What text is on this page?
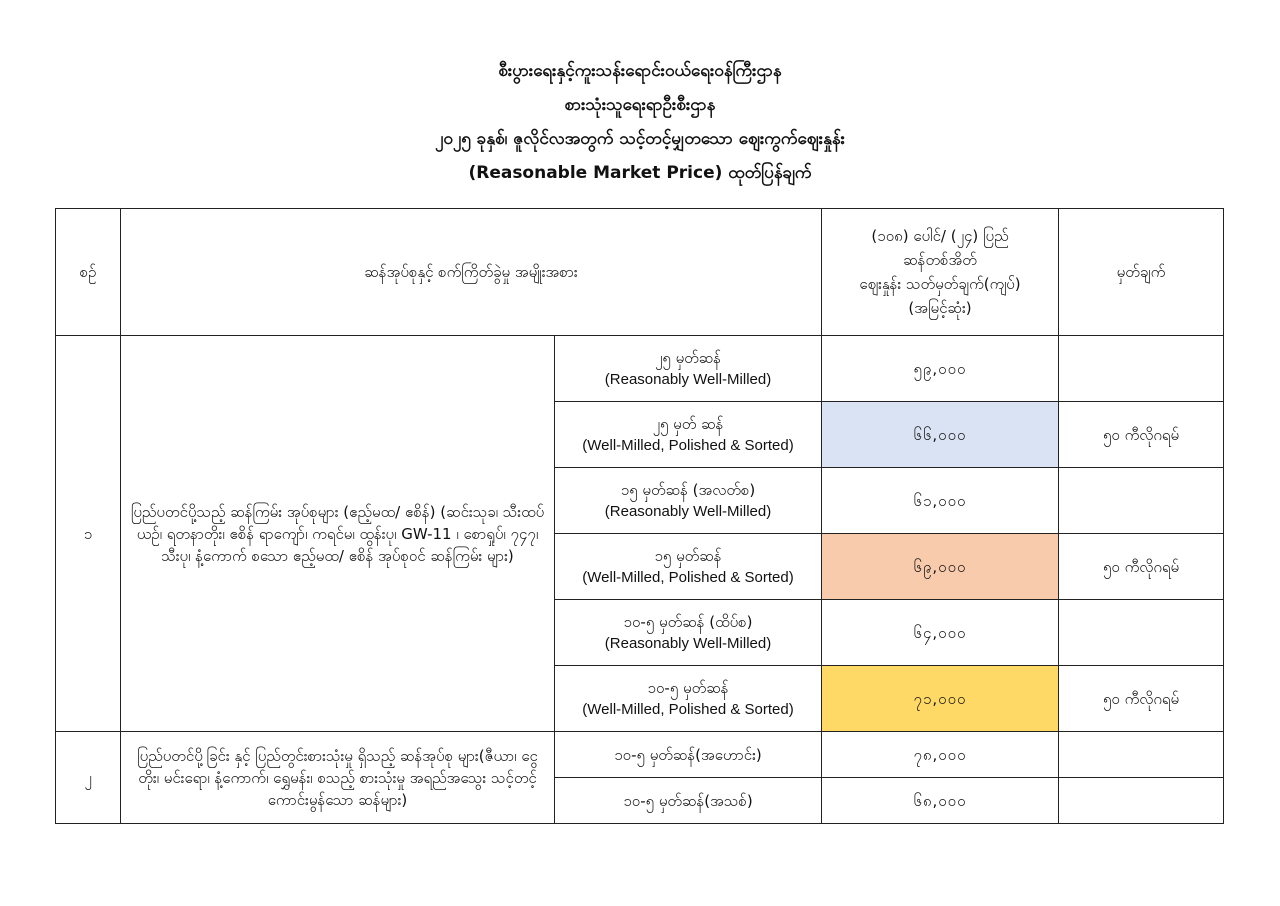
စီးပွားရေးနှင့်ကူးသန်းရောင်းဝယ်ရေးဝန်ကြီးဌာန
စားသုံးသူရေးရာဦးစီးဌာန
၂၀၂၅ ခုနှစ်၊ ဇူလိုင်လအတွက် သင့်တင့်မျှတသော ဈေးကွက်ဈေးနှုန်း
(Reasonable Market Price) ထုတ်ပြန်ချက်
စဉ်	ဆန်အုပ်စုနှင့် စက်ကြိတ်ခွဲမှု အမျိုးအစား		(၁၀၈) ပေါင်/ (၂၄) ပြည်
ဆန်တစ်အိတ်
ဈေးနှုန်း သတ်မှတ်ချက်(ကျပ်)
(အမြင့်ဆုံး)	မှတ်ချက်
၁	ပြည်ပတင်ပို့သည့် ဆန်ကြမ်း အုပ်စုများ (ဧည့်မထ/ ဧစိန်) (ဆင်းသုခ၊ သီးထပ်ယဉ်၊ ရတနာတိုး၊ ဧစိန် ရာကျော်၊ ကရင်မ၊ ထွန်းပု၊ GW-11 ၊ စောရှုပ်၊ ၇၄၇၊ သီးပု၊ နံ့ကောက် စသော ဧည့်မထ/ ဧစိန် အုပ်စုဝင် ဆန်ကြမ်း များ)	၂၅ မှတ်ဆန်
(Reasonably Well-Milled)	၅၉,၀၀၀	

		၂၅ မှတ် ဆန်
(Well-Milled, Polished & Sorted)	၆၆,၀၀၀	၅၀ ကီလိုဂရမ်

		၁၅ မှတ်ဆန် (အလတ်စ)
(Reasonably Well-Milled)	၆၁,၀၀၀	

		၁၅ မှတ်ဆန်
(Well-Milled, Polished & Sorted)	၆၉,၀၀၀	၅၀ ကီလိုဂရမ်

		၁၀-၅ မှတ်ဆန် (ထိပ်စ)
(Reasonably Well-Milled)	၆၄,၀၀၀	

		၁၀-၅ မှတ်ဆန်
(Well-Milled, Polished & Sorted)	၇၁,၀၀၀	၅၀ ကီလိုဂရမ်
၂	ပြည်ပတင်ပို့ခြင်း နှင့် ပြည်တွင်းစားသုံးမှု ရှိသည့် ဆန်အုပ်စု များ(ဇီယာ၊ ငွေတိုး၊ မင်းရော၊ နံ့ကောက်၊ ရွှေမန်း၊ စသည့် စားသုံးမှု အရည်အသွေး သင့်တင့် ကောင်းမွန်သော ဆန်များ)	၁၀-၅ မှတ်ဆန်(အဟောင်း)	၇၈,၀၀၀	

		၁၀-၅ မှတ်ဆန်(အသစ်)	၆၈,၀၀၀	
